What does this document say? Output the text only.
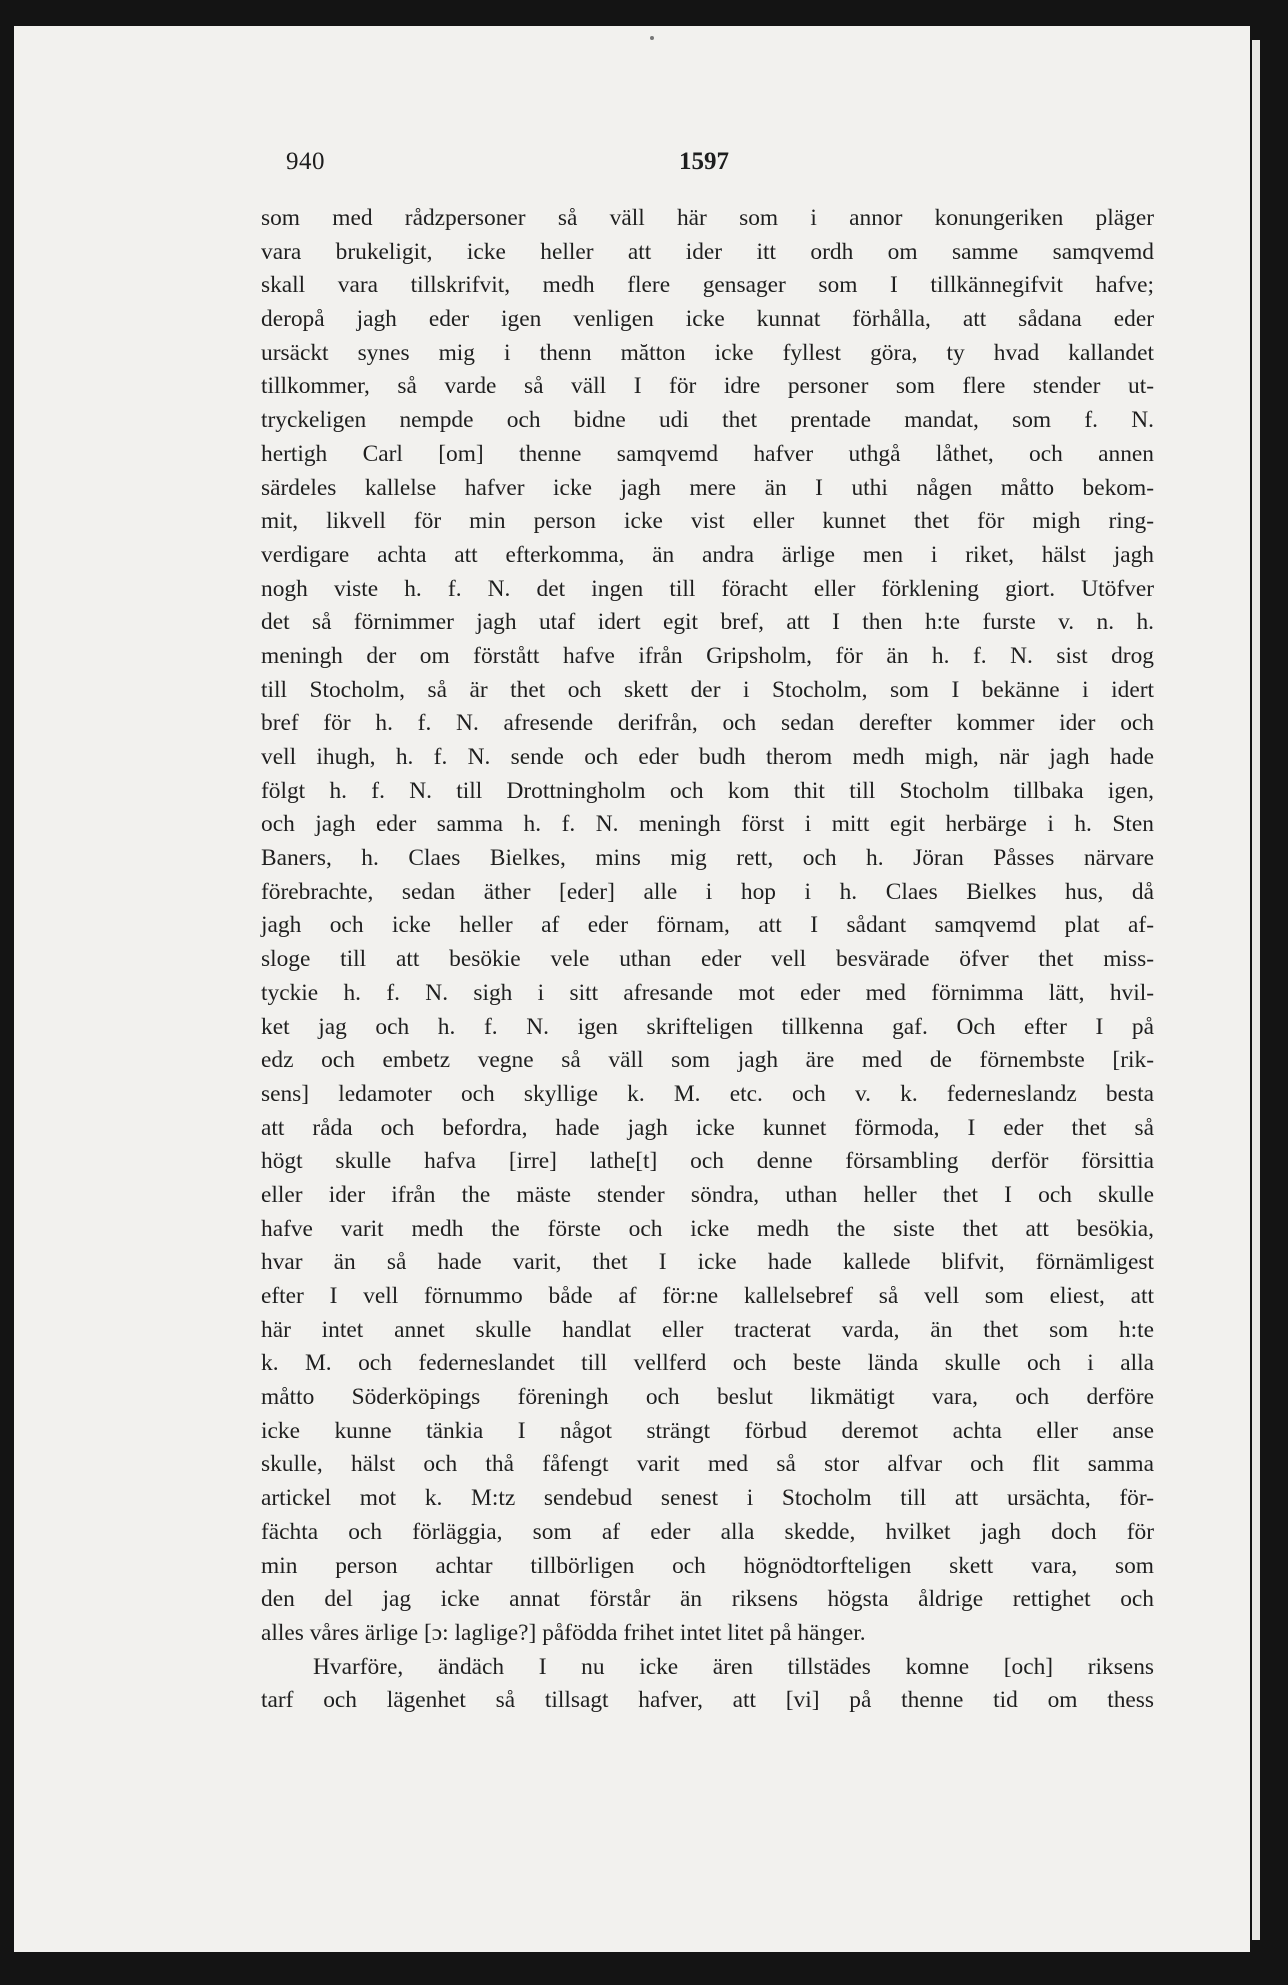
940	1597
som med rådzpersoner så väll här som i annor konungeriken pläger
vara brukeligit, icke heller att ider itt ordh om samme samqvemd
skall vara tillskrifvit, medh flere gensager som I tillkännegifvit hafve;
deropå jagh eder igen venligen icke kunnat förhålla, att sådana eder
ursäckt synes mig i thenn mătton icke fyllest göra, ty hvad kallandet
tillkommer, så varde så väll I för idre personer som flere stender ut-
tryckeligen nempde och bidne udi thet prentade mandat, som f. N.
hertigh Carl [om] thenne samqvemd hafver uthgå låthet, och annen
särdeles kallelse hafver icke jagh mere än I uthi någen måtto bekom-
mit, likvell för min person icke vist eller kunnet thet för migh ring-
verdigare achta att efterkomma, än andra ärlige men i riket, hälst jagh
nogh viste h. f. N. det ingen till föracht eller förklening giort. Utöfver
det så förnimmer jagh utaf idert egit bref, att I then h:te furste v. n. h.
meningh der om förstått hafve ifrån Gripsholm, för än h. f. N. sist drog
till Stocholm, så är thet och skett der i Stocholm, som I bekänne i idert
bref för h. f. N. afresende derifrån, och sedan derefter kommer ider och
vell ihugh, h. f. N. sende och eder budh therom medh migh, när jagh hade
fölgt h. f. N. till Drottningholm och kom thit till Stocholm tillbaka igen,
och jagh eder samma h. f. N. meningh först i mitt egit herbärge i h. Sten
Baners, h. Claes Bielkes, mins mig rett, och h. Jöran Påsses närvare
förebrachte, sedan äther [eder] alle i hop i h. Claes Bielkes hus, då
jagh och icke heller af eder förnam, att I sådant samqvemd plat af-
sloge till att besökie vele uthan eder vell besvärade öfver thet miss-
tyckie h. f. N. sigh i sitt afresande mot eder med förnimma lätt, hvil-
ket jag och h. f. N. igen skrifteligen tillkenna gaf. Och efter I på
edz och embetz vegne så väll som jagh äre med de förnembste [rik-
sens] ledamoter och skyllige k. M. etc. och v. k. federneslandz besta
att råda och befordra, hade jagh icke kunnet förmoda, I eder thet så
högt skulle hafva [irre] lathe[t] och denne försambling derför försittia
eller ider ifrån the mäste stender söndra, uthan heller thet I och skulle
hafve varit medh the förste och icke medh the siste thet att besökia,
hvar än så hade varit, thet I icke hade kallede blifvit, förnämligest
efter I vell förnummo både af för:ne kallelsebref så vell som eliest, att
här intet annet skulle handlat eller tracterat varda, än thet som h:te
k. M. och federneslandet till vellferd och beste lända skulle och i alla
måtto Söderköpings föreningh och beslut likmätigt vara, och derföre
icke kunne tänkia I något strängt förbud deremot achta eller anse
skulle, hälst och thå fåfengt varit med så stor alfvar och flit samma
artickel mot k. M:tz sendebud senest i Stocholm till att ursächta, för-
fächta och förläggia, som af eder alla skedde, hvilket jagh doch för
min person achtar tillbörligen och högnödtorfteligen skett vara, som
den del jag icke annat förstår än riksens högsta åldrige rettighet och
alles våres ärlige [ɔ: laglige?] påfödda frihet intet litet på hänger.
Hvarföre, ändäch I nu icke ären tillstädes komne [och] riksens
tarf och lägenhet så tillsagt hafver, att [vi] på thenne tid om thess
